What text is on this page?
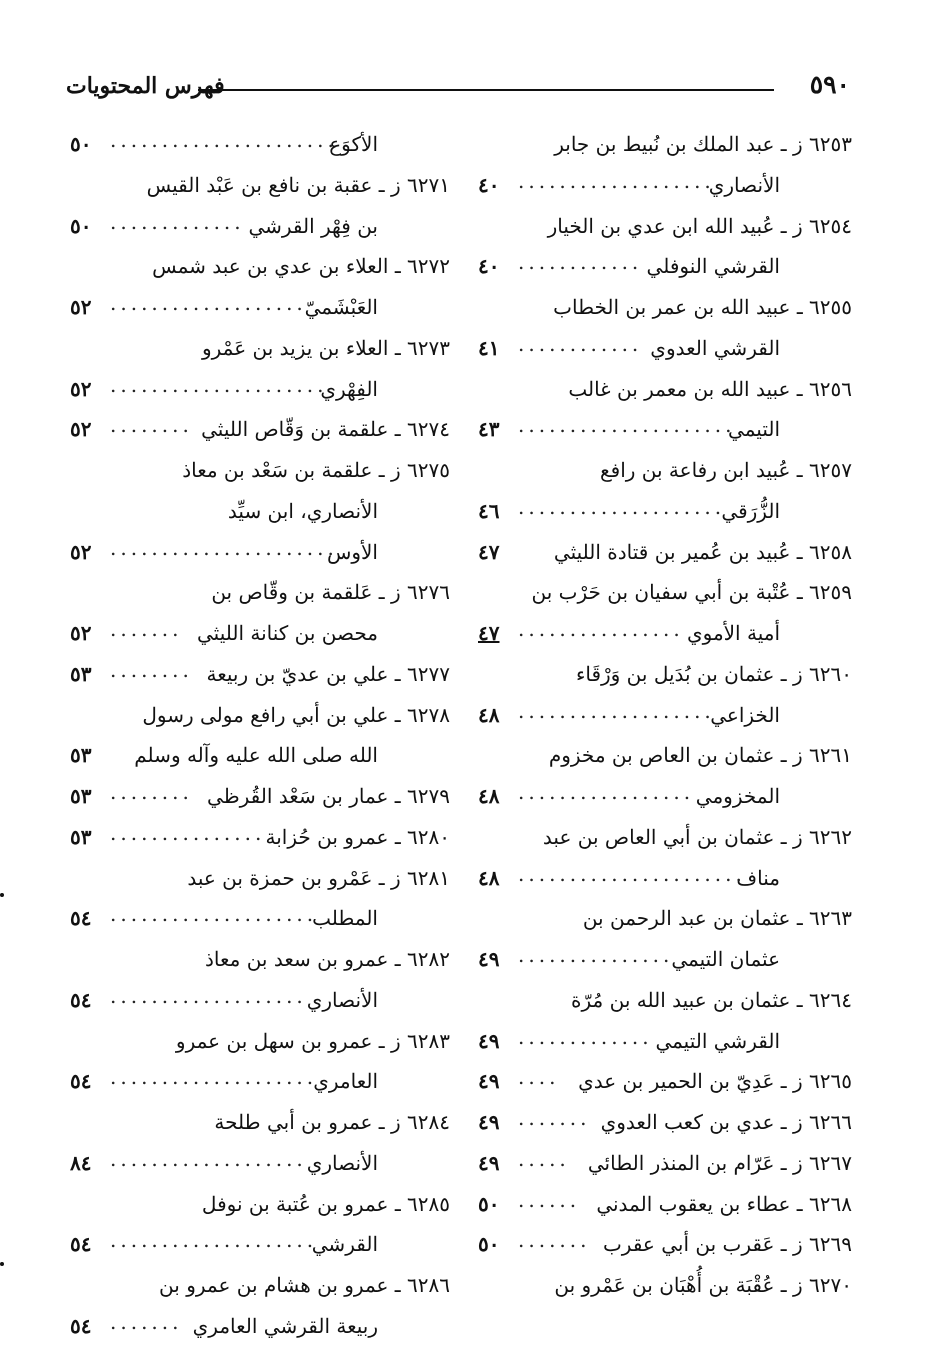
٥٩٠
فهرس المحتويات
٦٢٥٣ ز ـ عبد الملك بن نُبيط بن جابر
الأنصاري
٤٠ ...................
٦٢٥٤ ز ـ عُبيد الله ابن عدي بن الخيار
القرشي النوفلي
٤٠ ............
٦٢٥٥ ـ عبيد الله بن عمر بن الخطاب
القرشي العدوي
٤١ ............
٦٢٥٦ ـ عبيد الله بن معمر بن غالب
التيمي
٤٣ .....................
٦٢٥٧ ـ عُبيد ابن رفاعة بن رافع
الزُّرَقي
٤٦ ....................
٦٢٥٨ ـ عُبيد بن عُمير بن قتادة الليثي
٤٧
٦٢٥٩ ـ عُتْبة بن أبي سفيان بن حَرْب بن
أمية الأموي
٤٧ ................
٦٢٦٠ ز ـ عثمان بن بُدَيل بن وَرْقَاء
الخزاعي
٤٨ ...................
٦٢٦١ ز ـ عثمان بن العاص بن مخزوم
المخزومي
٤٨ .................
٦٢٦٢ ز ـ عثمان بن أبي العاص بن عبد
مناف
٤٨ ......................
٦٢٦٣ ـ عثمان بن عبد الرحمن بن
عثمان التيمي
٤٩ ...............
٦٢٦٤ ـ عثمان بن عبيد الله بن مُرّة
القرشي التيمي
٤٩ .............
٦٢٦٥ ز ـ عَدِيّ بن الحمير بن عدي
٤٩ ....
٦٢٦٦ ز ـ عدي بن كعب العدوي
٤٩ .......
٦٢٦٧ ز ـ عَرّام بن المنذر الطائي
٤٩ .....
٦٢٦٨ ـ عطاء بن يعقوب المدني
٥٠ ......
٦٢٦٩ ز ـ عَقرب بن أبي عقرب
٥٠ .......
٦٢٧٠ ز ـ عُقْبَة بن أُهْبَان بن عَمْرو بن
الأكوَع
٥٠ ......................
٦٢٧١ ز ـ عقبة بن نافع بن عَبْد القيس
بن فِهْر القرشي
٥٠ .............
٦٢٧٢ ـ العلاء بن عدي بن عبد شمس
العَبْشَميّ
٥٢ ...................
٦٢٧٣ ـ العلاء بن يزيد بن عَمْرو
الفِهْري
٥٢ .....................
٦٢٧٤ ـ علقمة بن وَقّاص الليثي
٥٢ ........
٦٢٧٥ ز ـ علقمة بن سَعْد بن معاذ
الأنصاري، ابن سيِّد
الأوس
٥٢ ......................
٦٢٧٦ ز ـ عَلقمة بن وقّاص بن
محصن بن كنانة الليثي
٥٢ .......
٦٢٧٧ ـ علي بن عديّ بن ربيعة
٥٣ ........
٦٢٧٨ ـ علي بن أبي رافع مولى رسول
الله صلى الله عليه وآله وسلم
٥٣
٦٢٧٩ ـ عمار بن سَعْد القُرظي
٥٣ ........
٦٢٨٠ ـ عمرو بن حُزابة
٥٣ ...............
٦٢٨١ ز ـ عَمْرو بن حمزة بن عبد
المطلب
٥٤ ....................
٦٢٨٢ ـ عمرو بن سعد بن معاذ
الأنصاري
٥٤ ...................
٦٢٨٣ ز ـ عمرو بن سهل بن عمرو
العامري
٥٤ ....................
٦٢٨٤ ز ـ عمرو بن أبي طلحة
الأنصاري
٨٤ ...................
٦٢٨٥ ـ عمرو بن عُتبة بن نوفل
القرشي
٥٤ ....................
٦٢٨٦ ـ عمرو بن هشام بن عمرو بن
ربيعة القرشي العامري
٥٤ .......
